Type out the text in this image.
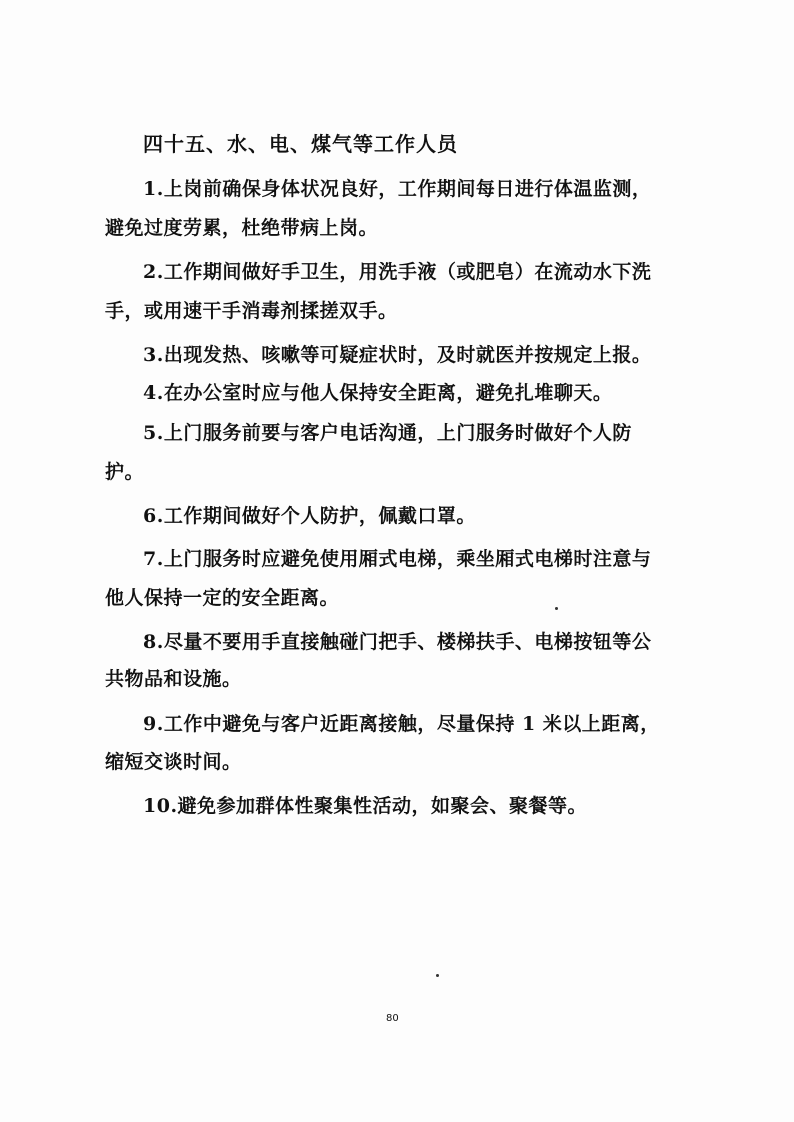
四十五、水、电、煤气等工作人员
1.上岗前确保身体状况良好，工作期间每日进行体温监测，
避免过度劳累，杜绝带病上岗。
2.工作期间做好手卫生，用洗手液（或肥皂）在流动水下洗
手，或用速干手消毒剂揉搓双手。
3.出现发热、咳嗽等可疑症状时，及时就医并按规定上报。
4.在办公室时应与他人保持安全距离，避免扎堆聊天。
5.上门服务前要与客户电话沟通，上门服务时做好个人防
护。
6.工作期间做好个人防护，佩戴口罩。
7.上门服务时应避免使用厢式电梯，乘坐厢式电梯时注意与
他人保持一定的安全距离。
8.尽量不要用手直接触碰门把手、楼梯扶手、电梯按钮等公
共物品和设施。
9.工作中避免与客户近距离接触，尽量保持 1 米以上距离，
缩短交谈时间。
10.避免参加群体性聚集性活动，如聚会、聚餐等。
80
